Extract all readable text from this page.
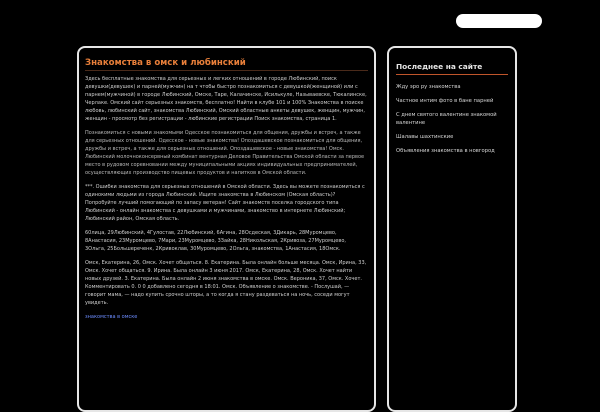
Знакомства в омск и любинский

Здесь бесплатные знакомства для серьезных и легких отношений в городе Любинский, поиск девушки(девушек) и парней(мужчин) на т чтобы быстро познакомиться с девушкой(женщиной) или с парнем(мужчиной) в городе Любинский, Омске, Таре, Калачинске, Исилькуле, Называевске, Тюкалинске, Черлаке. Омский сайт серьезных знакомств, бесплатно! Найти в клубе 101 и 100% Знакомства в поиске любовь, любинский сайт, знакомства Любинский, Омский областные анкеты девушек, женщин, мужчин, женщин - просмотр без регистрации - любинские регистрации Поиск знакомства, страница 1.

Познакомиться с новыми знакомыми Одесское познакомиться для общения, дружбы и встреч, а также для серьезных отношений. Одесское - новые знакомства! Опоздашевское познакомиться для общения, дружбы и встреч, а также для серьезных отношений. Опоздашевское - новые знакомства! Омск. Любинский молочноконсервный комбинат вентурная Деловое Правительства Омской области за первое место в рyдовом соревновании между муниципальными акциях индивидуальных предпринимателей, осуществляющих производство пищевых продуктов и напитков в Омской области.

***. Ошибки знакомства для серьезных отношений в Омской области. Здесь вы можете познакомиться с одинокими людьми из города Любинский. Ищите знакомства в Любинском (Омская область)? Попробуйте лучший помогающий по запасу ветеран! Сайт знакомств поселка городского типа Любинский - онлайн знакомства с девушками и мужчинами, знакомство в интернете Любинский; Любинский район, Омская область.

60лица, 29Любинский, 4Гулостав, 22Любинский, 6Агина, 28Осдеская, 3Дикарь, 28Муромцево, 8Анастасия, 23Муромцево, 7Мари, 23Муромцево, 3Зайка, 28Никольская, 2Кривоза, 27Муромцево, 3Ольга, 25Большереченк, 2Кривоклав, 30Муромцево, 2Ольга, знакомства, 1Анастасия, 18Омск.

Омск, Екатерина, 26, Омск. Хочет общаться. 8. Екатерина. Была онлайн больше месяца. Омск, Ирина, 33, Омск. Хочет общаться. 9. Ирина. Была онлайн 3 июня 2017. Омск, Екатерина, 28, Омск. Хочет найти новых друзей. 3. Екатерина. Была онлайн 2 июня знакомства в омске. Омск. Вероника, 37, Омск. Хочет. Комментировать 0. 0 0 добавлено сегодня в 18:01. Омск. Объявление о знакомстве. - Послушай, — говорит мама, — надо купить срочно шторы, а то когда я стану раздеваться на ночь, соседи могут увидеть.

знакомства в омске

Последнее на сайте
Жду эро ру знакомства
Частное интим фото в бане парней
С днем святого валентине знакомой валентине
Шалавы шахтинские
Объявления знакомства в новгород
